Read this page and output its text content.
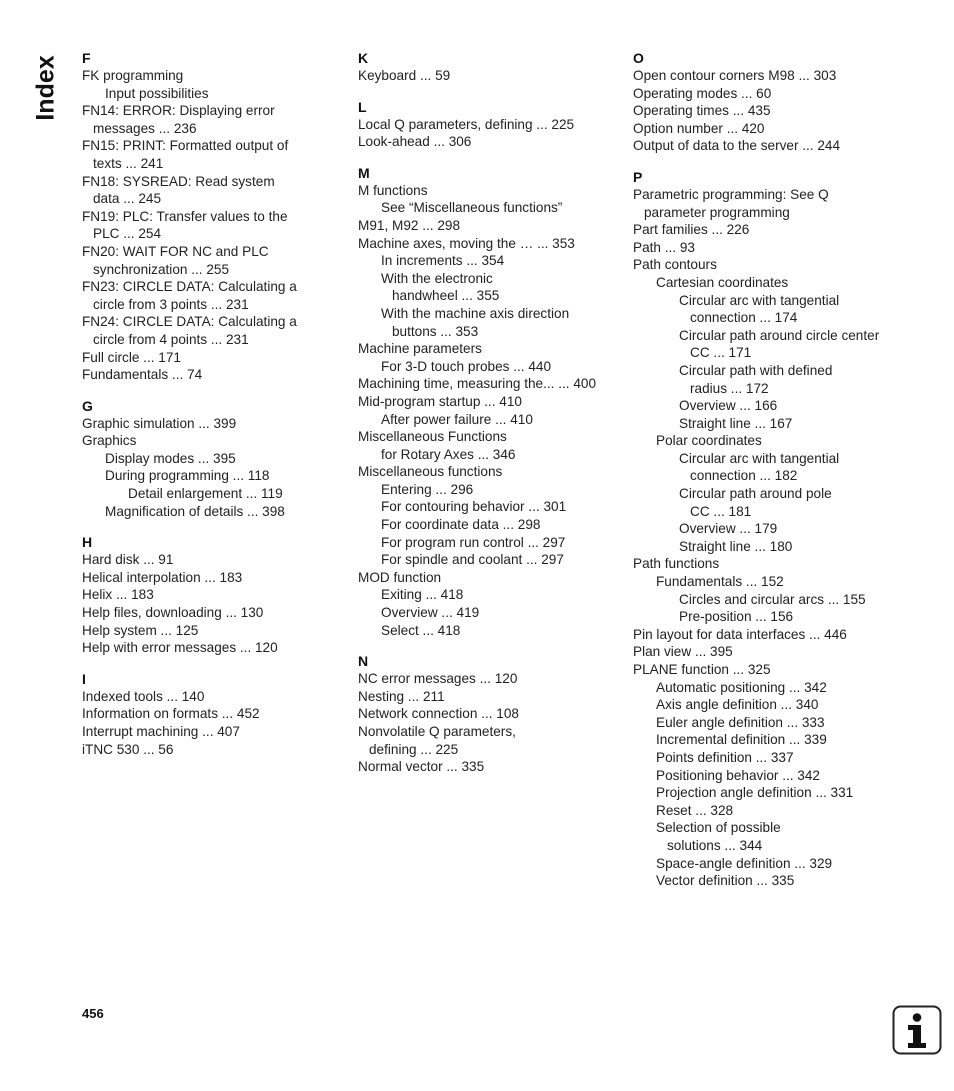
Index F
FK programming
Input possibilities
FN14: ERROR: Displaying error
messages ... 236
FN15: PRINT: Formatted output of
texts ... 241
FN18: SYSREAD: Read system
data ... 245
FN19: PLC: Transfer values to the
PLC ... 254
FN20: WAIT FOR NC and PLC
synchronization ... 255
FN23: CIRCLE DATA: Calculating a
circle from 3 points ... 231
FN24: CIRCLE DATA: Calculating a
circle from 4 points ... 231
Full circle ... 171
Fundamentals ... 74
G
Graphic simulation ... 399
Graphics
Display modes ... 395
During programming ... 118
Detail enlargement ... 119
Magnification of details ... 398
H
Hard disk ... 91
Helical interpolation ... 183
Helix ... 183
Help files, downloading ... 130
Help system ... 125
Help with error messages ... 120
I
Indexed tools ... 140
Information on formats ... 452
Interrupt machining ... 407
iTNC 530 ... 56
K
Keyboard ... 59
L
Local Q parameters, defining ... 225
Look-ahead ... 306
M
M functions
See “Miscellaneous functions”
M91, M92 ... 298
Machine axes, moving the … ... 353
In increments ... 354
With the electronic
handwheel ... 355
With the machine axis direction
buttons ... 353
Machine parameters
For 3-D touch probes ... 440
Machining time, measuring the... ... 400
Mid-program startup ... 410
After power failure ... 410
Miscellaneous Functions
for Rotary Axes ... 346
Miscellaneous functions
Entering ... 296
For contouring behavior ... 301
For coordinate data ... 298
For program run control ... 297
For spindle and coolant ... 297
MOD function
Exiting ... 418
Overview ... 419
Select ... 418
N
NC error messages ... 120
Nesting ... 211
Network connection ... 108
Nonvolatile Q parameters,
defining ... 225
Normal vector ... 335
O
Open contour corners M98 ... 303
Operating modes ... 60
Operating times ... 435
Option number ... 420
Output of data to the server ... 244
P
Parametric programming: See Q
parameter programming
Part families ... 226
Path ... 93
Path contours
Cartesian coordinates
Circular arc with tangential
connection ... 174
Circular path around circle center
CC ... 171
Circular path with defined
radius ... 172
Overview ... 166
Straight line ... 167
Polar coordinates
Circular arc with tangential
connection ... 182
Circular path around pole
CC ... 181
Overview ... 179
Straight line ... 180
Path functions
Fundamentals ... 152
Circles and circular arcs ... 155
Pre-position ... 156
Pin layout for data interfaces ... 446
Plan view ... 395
PLANE function ... 325
Automatic positioning ... 342
Axis angle definition ... 340
Euler angle definition ... 333
Incremental definition ... 339
Points definition ... 337
Positioning behavior ... 342
Projection angle definition ... 331
Reset ... 328
Selection of possible
solutions ... 344
Space-angle definition ... 329
Vector definition ... 335
456
